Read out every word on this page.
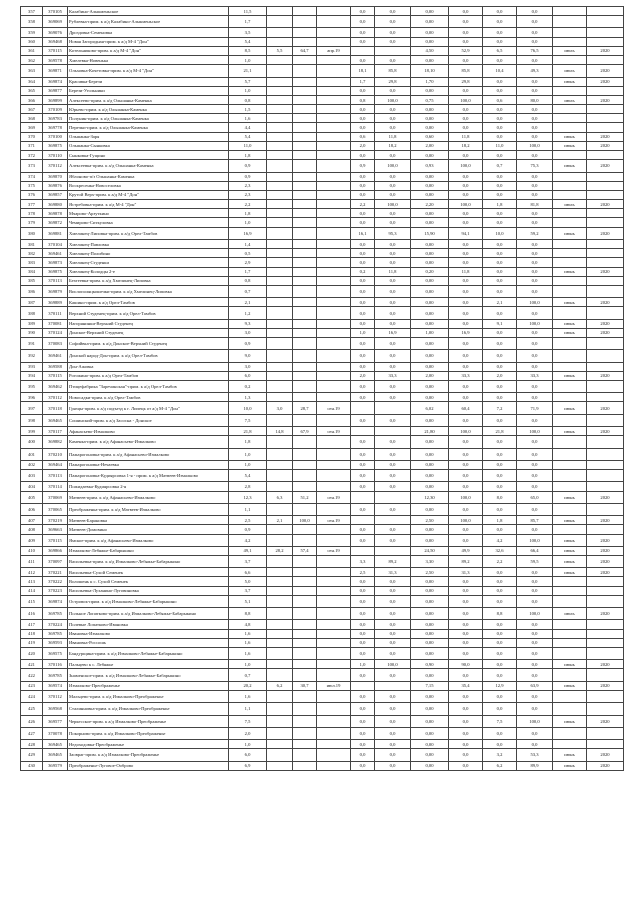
357	370105	Калабино-Алыкменьское	11,5				0,0	0,0	0,00	0,0	0,0	0,0		
358	369069	Рублевка-прим. к а/д Калабино-Алыкменьское	1,7				0,0	0,0	0,00	0,0	0,0	0,0		
359	369076	Дроздовка-Семеновка	3,5				0,0	0,0	0,00	0,0	0,0	0,0		
360	369468	Новая Загородная-прим. к а/д М-4 "Дон"	5,4				0,0	0,0	0,00	0,0	0,0	0,0		
361	370115	Котельниково-прим. к а/д М-4 "Дон"	8,5	5,5	64,7	апр.19			4,50	52,9	6,5	76,5	июль	2020
362	369578	Хмелевка-Новенька	1,0				0,0	0,0	0,00	0,0	0,0	0,0		
363	369871	Ольховка-Кочетовка-прим. к а/д М-4 "Дон"	21,1				18,1	85,8	18,10	85,8	10,4	49,3	июль	2020
364	369874	Красивка-Берези	5,7				1,7	29,8	1,70	29,8	0,0	0,0	июнь	2020
365	369877	Берези-Угольники	1,0				0,0	0,0	0,00	0,0	0,0	0,0		
366	369899	Алексеево-прим. к а/д Ольшанка-Каменка	0,8				0,8	100,0	0,75	100,0	0,6	80,0	июль	2020
367	370109	Юрьево-прим. к а/д Ольшанка-Каменка	1,5				0,0	0,0	0,00	0,0	0,0	0,0		
368	369783	Полунин-прим. к а/д Ольшанка-Каменка	1,6				0,0	0,0	0,00	0,0	0,0	0,0		
369	369778	Перечки-прим. к а/д Ольшанка-Каменка	4,4				0,0	0,0	0,00	0,0	0,0	0,0		
370	370100	Ольшанка-Заря	5,4				0,6	11,8	0,60	11,8	0,0	0,0	июнь	2020
371	369875	Ольшанка-Сынковка	11,0				2,0	18,2	2,00	18,2	11,0	100,0	июнь	2020
372	370110	Сынковка-Гущино	1,8				0,0	0,0	0,00	0,0	0,0	0,0		
373	370112	Алексеевка-прим. к а/д Ольшанка-Каменка	0,9				0,9	100,0	0,93	100,0	0,7	75,3	июнь	2020
374	369870	Яблоново-п/з Ольшанка-Каменка	0,9				0,0	0,0	0,00	0,0	0,0	0,0		
375	369876	Воскресенка-Новоселовка	2,3				0,0	0,0	0,00	0,0	0,0	0,0		
376	369857	Крутой Верх-прим. к а/д М-4 "Дон"	2,3				0,0	0,0	0,00	0,0	0,0	0,0		
377	369880	Ястребовка-прим. к а/д М-4 "Дон"	2,2				2,2	100,0	2,20	100,0	1,8	81,8	июль	2020
378	369878	Мчарово-Арзуткино	1,8				0,0	0,0	0,00	0,0	0,0	0,0		
379	369872	Чемирово-Ситкуловка	1,0				0,0	0,0	0,00	0,0	0,0	0,0		
380	369881	Хмелинец-Липовка-прим. к а/д Орел-Тамбов	16,9				16,1	95,3	15,90	94,1	10,0	59,2	июнь	2020
381	370104	Хмелинец-Павловка	1,4				0,0	0,0	0,00	0,0	0,0	0,0		
382	369461	Хмелинец-Полибино	0,5				0,0	0,0	0,00	0,0	0,0	0,0		
383	369873	Хмелинец-Студенки	2,9				0,0	0,0	0,00	0,0	0,0	0,0		
384	369875	Хмелинец-Колодцы 2-е	1,7				0,2	11,8	0,20	11,8	0,0	0,0	июнь	2020
385	370113	Бехтеевка-прим. к а/д Хмелинец-Липовка	0,8				0,0	0,0	0,00	0,0	0,0	0,0		
386	369879	Вислополяцкошечки-прим. к а/д Хмелинец-Липовка	0,7				0,0	0,0	0,00	0,0	0,0	0,0		
387	369889	Кашино-прим. к а/д Орел-Тамбов	2,1				0,0	0,0	0,00	0,0	2,1	100,0	июнь	2020
388	370111	Верхний Студенец-прим. к а/д Орел-Тамбов	1,2				0,0	0,0	0,00	0,0	0,0	0,0		
389	370081	Нагорянинки-Верхний Студенец	9,3				0,0	0,0	0,00	0,0	9,1	100,0	июнь	2020
390	370124	Донское-Верхний Студенец	3,0				1,0	16,9	1,00	16,9	0,0	0,0	июнь	2020
391	370083	Софийвка-прим. к а/д Донское-Верхний Студенец	0,9				0,0	0,0	0,00	0,0	0,0	0,0		
392	369461	Донской народ-Дон-прим. к а/д Орел-Тамбов	9,0				0,0	0,0	0,00	0,0	0,0	0,0		
393	369588	Дон-Ажовка	3,0				0,0	0,0	0,00	0,0	0,0	0,0		
394	370115	Рогожино-прим. к а/д Орел-Тамбов	6,0				2,0	33,3	2,00	33,3	2,0	33,3	июнь	2020
395	369462	Птицефабрика "Заречинская"-прим. к а/д Орел-Тамбов	0,2				0,0	0,0	0,00	0,0	0,0	0,0		
396	370112	Новосадки-прим. к а/д Орел-Тамбов	1,3				0,0	0,0	0,00	0,0	0,0	0,0		
397	370118	Грязцы-прим. к а/д подъезд к г. Липецк от а/д М-4 "Дон"	10,0	3,0	28,7	сен.19			6,02	60,4	7,2	71,9	июнь	2020
398	369465	Сошинский-прим. к а/д Засосна - Донское	7,5				0,0	0,0	0,00	0,0	0,0	0,0		
399	370117	Афанасьево-Измалково	21,8	14,8	67,9	сен.19			21,80	100,0	21,8	100,0	июнь	2020
400	369882	Каменка-прим. к а/д Афанасьево-Измалково	1,8				0,0	0,0	0,00	0,0	0,0	0,0		
401	370210	Пажарогоновка-прим. к а/д Афанасьево-Измалково	1,0				0,0	0,0	0,00	0,0	0,0	0,0		
402	369464	Пажарогоновка-Нечаевка	1,0				0,0	0,0	0,00	0,0	0,0	0,0		
403	370113	Пажарогоновка-Кудиярсовка 1-я - прим. к а/д Матвеев-Измалково	5,4				0,0	0,0	0,00	0,0	0,0	0,0		
404	370114	Пожидаевка-Кудиярсовка 2-я	2,8				0,0	0,0	0,00	0,0	0,0	0,0		
405	370069	Матвеев-прим. к а/д Афанасьево-Измалково	12,3	6,3	51,2	сен.19			12,30	100,0	8,0	65,0	июнь	2020
406	370065	Преображенка-прим. к а/д Матвеев-Измалково	1,1				0,0	0,0	0,00	0,0	0,0	0,0		
407	370219	Матвеев-Барановка	2,5	2,1	100,0	сен.19			2,50	100,0	1,8	85,7	июнь	2020
408	369663	Матвеев-Домовино	0,9				0,0	0,0	0,00	0,0	0,0	0,0		
409	370115	Ямское-прим. к а/д Афанасьево-Измалково	4,2				0,0	0,0	0,00	0,0	4,2	100,0	июнь	2020
410	369866	Измалково-Лебяжье-Бабарыкино	49,1	28,2	57,4	сен.19			24,50	49,9	32,6	66,4	июнь	2020
411	370097	Васильевка-прим. к а/д Измалково-Лебяжье-Бабарыкино	3,7				3,3	89,2	3,30	89,2	2,2	59,5	июнь	2020
412	370221	Васильевка-Сухой Семенек	6,6				2,5	31,3	2,50	31,3	0,0	0,0	июнь	2020
413	370222	Волошень к с. Сухой Семенек	5,0				0,0	0,0	0,00	0,0	0,0	0,0		
414	370223	Васильевка-Луханино-Луговиновка	3,7				0,0	0,0	0,00	0,0	0,0	0,0		
415	369874	Островок-прим. к а/д Измалково-Лебяжье-Бабарыкино	5,1				0,0	0,0	0,00	0,0	0,0	0,0		
416	369785	Польное Лопатково-прим. к а/д Измалково-Лебяжье-Бабарыкино	8,8				0,0	0,0	0,00	0,0	8,8	100,0	июль	2020
417	370224	Полевые Лопатково-Ивановка	4,8				0,0	0,0	0,00	0,0	0,0	0,0		
418	369785	Ивановка-Измалково	1,6				0,0	0,0	0,00	0,0	0,0	0,0		
419	369593	Ивановка-Россошь	1,6				0,0	0,0	0,00	0,0	0,0	0,0		
420	369575	Бандурщина-прим. к а/д Измалково-Лебяжье-Бабарыкино	1,6				0,0	0,0	0,00	0,0	0,0	0,0		
421	370116	Пальцево к с. Лебяжье	1,0				1,0	100,0	0,90	90,0	0,0	0,0	июнь	2020
422	369785	Знаменское-прим. к а/д Измалково-Лебяжье-Бабарыкино	0,7				0,0	0,0	0,00	0,0	0,0	0,0		
423	369574	Измалково-Преображенье	20,2	6,2	30,7	июл.19			7,15	35,4	12,9	63,9	июнь	2020
424	370112	Мальцево-прим. к а/д Измалково-Преображенье	1,6				0,0	0,0	0,00	0,0	0,0	0,0		
425	369568	Сталинновка-прим. к а/д Измалково-Преображенье	1,1				0,0	0,0	0,00	0,0	0,0	0,0		
426	369577	Черкесское-прим. к а/д Измалково-Преображенье	7,5				0,0	0,0	0,00	0,0	7,5	100,0	июнь	2020
427	370078	Покорново-прим. к а/д Измалково-Преображенье	2,0				0,0	0,0	0,00	0,0	0,0	0,0		
428	369465	Недоходовка-Преображенье	1,0				0,0	0,0	0,00	0,0	0,0	0,0		
429	369465	Заовраг-прим. к а/д Измалково-Преображенье	6,0				0,0	0,0	0,00	0,0	3,2	53,3	июнь	2020
430	369579	Преображенье-Луговое-Ооброво	6,9				0,0	0,0	0,00	0,0	6,2	89,9	июнь	2020
